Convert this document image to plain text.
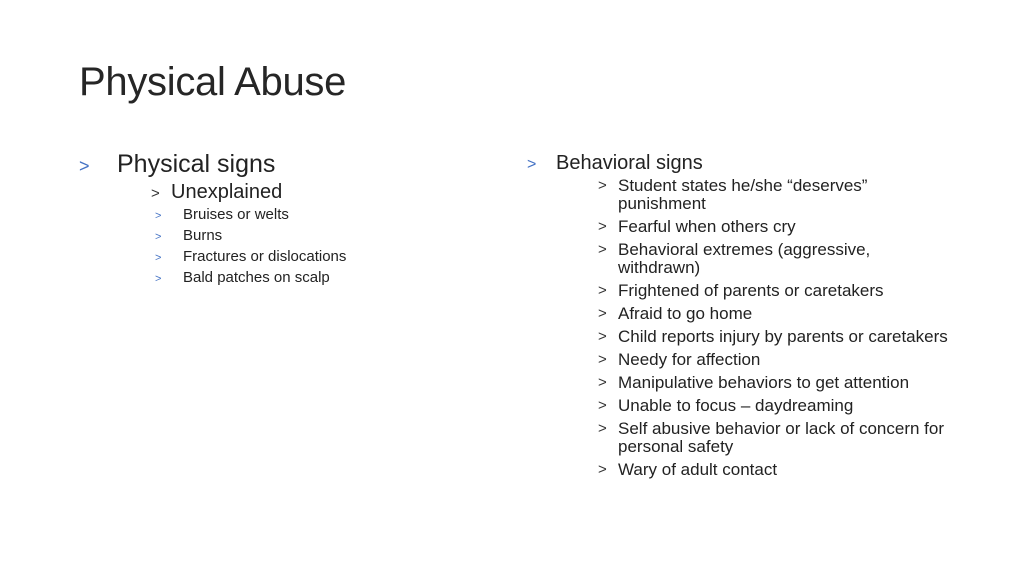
Physical Abuse
>	Physical signs
> Unexplained
>	Bruises or welts
>	Burns
>	Fractures or dislocations
>	Bald patches on scalp
> Behavioral signs
> Student states he/she “deserves” punishment
> Fearful when others cry
> Behavioral extremes (aggressive, withdrawn)
> Frightened of parents or caretakers
> Afraid to go home
> Child reports injury by parents or caretakers
> Needy for affection
> Manipulative behaviors to get attention
> Unable to focus – daydreaming
> Self abusive behavior or lack of concern for personal safety
> Wary of adult contact
